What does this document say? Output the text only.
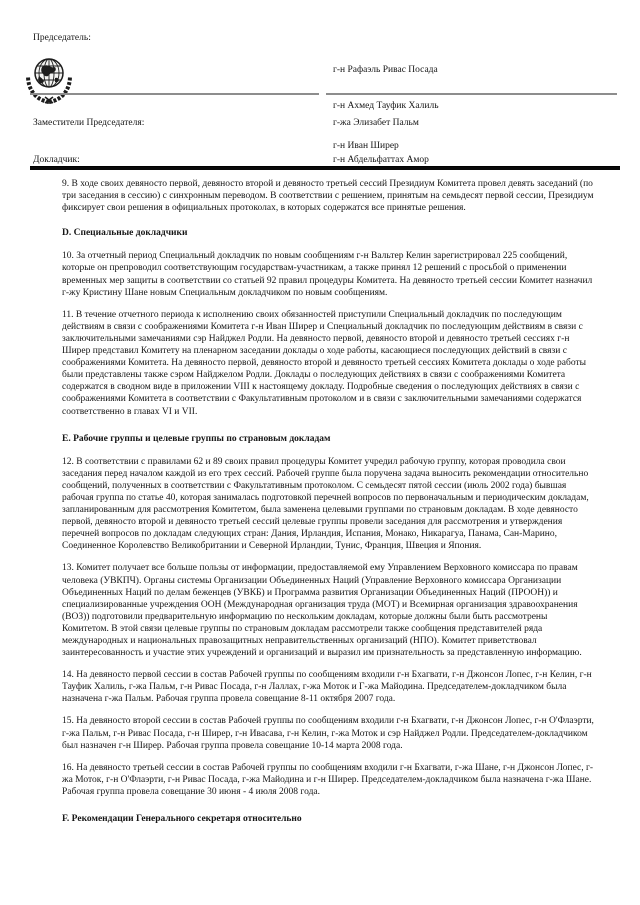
Председатель:
г-н Рафаэль Ривас Посада
г-н Ахмед Тауфик Халиль
Заместители Председателя:	г-жа Элизабет Пальм
г-н Иван Ширер
Докладчик:	г-н Абдельфаттах Амор

9. В ходе своих девяносто первой, девяносто второй и девяносто третьей сессий Президиум Комитета провел девять заседаний (по три заседания в сессию) с синхронным переводом. В соответствии с решением, принятым на семьдесят первой сессии, Президиум фиксирует свои решения в официальных протоколах, в которых содержатся все принятые решения.

D. Специальные докладчики

10. За отчетный период Специальный докладчик по новым сообщениям г-н Вальтер Келин зарегистрировал 225 сообщений, которые он препроводил соответствующим государствам-участникам, а также принял 12 решений с просьбой о применении временных мер защиты в соответствии со статьей 92 правил процедуры Комитета. На девяносто третьей сессии Комитет назначил г-жу Кристину Шане новым Специальным докладчиком по новым сообщениям.

11. В течение отчетного периода к исполнению своих обязанностей приступили Специальный докладчик по последующим действиям в связи с соображениями Комитета г-н Иван Ширер и Специальный докладчик по последующим действиям в связи с заключительными замечаниями сэр Найджел Родли. На девяносто первой, девяносто второй и девяносто третьей сессиях г-н Ширер представил Комитету на пленарном заседании доклады о ходе работы, касающиеся последующих действий в связи с соображениями Комитета. На девяносто первой, девяносто второй и девяносто третьей сессиях Комитета доклады о ходе работы были представлены также сэром Найджелом Родли. Доклады о последующих действиях в связи с соображениями Комитета содержатся в сводном виде в приложении VIII к настоящему докладу. Подробные сведения о последующих действиях в связи с соображениями Комитета в соответствии с Факультативным протоколом и в связи с заключительными замечаниями содержатся соответственно в главах VI и VII.

E. Рабочие группы и целевые группы по страновым докладам

12. В соответствии с правилами 62 и 89 своих правил процедуры Комитет учредил рабочую группу, которая проводила свои заседания перед началом каждой из его трех сессий. Рабочей группе была поручена задача выносить рекомендации относительно сообщений, полученных в соответствии с Факультативным протоколом. С семьдесят пятой сессии (июль 2002 года) бывшая рабочая группа по статье 40, которая занималась подготовкой перечней вопросов по первоначальным и периодическим докладам, запланированным для рассмотрения Комитетом, была заменена целевыми группами по страновым докладам. В ходе девяносто первой, девяносто второй и девяносто третьей сессий целевые группы провели заседания для рассмотрения и утверждения перечней вопросов по докладам следующих стран: Дания, Ирландия, Испания, Монако, Никарагуа, Панама, Сан-Марино, Соединенное Королевство Великобритании и Северной Ирландии, Тунис, Франция, Швеция и Япония.

13. Комитет получает все больше пользы от информации, предоставляемой ему Управлением Верховного комиссара по правам человека (УВКПЧ). Органы системы Организации Объединенных Наций (Управление Верховного комиссара Организации Объединенных Наций по делам беженцев (УВКБ) и Программа развития Организации Объединенных Наций (ПРООН)) и специализированные учреждения ООН (Международная организация труда (МОТ) и Всемирная организация здравоохранения (ВОЗ)) подготовили предварительную информацию по нескольким докладам, которые должны были быть рассмотрены Комитетом. В этой связи целевые группы по страновым докладам рассмотрели также сообщения представителей ряда международных и национальных правозащитных неправительственных организаций (НПО). Комитет приветствовал заинтересованность и участие этих учреждений и организаций и выразил им признательность за представленную информацию.

14. На девяносто первой сессии в состав Рабочей группы по сообщениям входили г-н Бхагвати, г-н Джонсон Лопес, г-н Келин, г-н Тауфик Халиль, г-жа Пальм, г-н Ривас Посада, г-н Лаллах, г-жа Моток и Г-жа Майодина. Председателем-докладчиком была назначена г-жа Пальм. Рабочая группа провела совещание 8-11 октября 2007 года.

15. На девяносто второй сессии в состав Рабочей группы по сообщениям входили г-н Бхагвати, г-н Джонсон Лопес, г-н О'Флаэрти, г-жа Пальм, г-н Ривас Посада, г-н Ширер, г-н Ивасава, г-н Келин, г-жа Моток и сэр Найджел Родли. Председателем-докладчиком был назначен г-н Ширер. Рабочая группа провела совещание 10-14 марта 2008 года.

16. На девяносто третьей сессии в состав Рабочей группы по сообщениям входили г-н Бхагвати, г-жа Шане, г-н Джонсон Лопес, г-жа Моток, г-н О'Флаэрти, г-н Ривас Посада, г-жа Майодина и г-н Ширер. Председателем-докладчиком была назначена г-жа Шане. Рабочая группа провела совещание 30 июня - 4 июля 2008 года.

F. Рекомендации Генерального секретаря относительно
